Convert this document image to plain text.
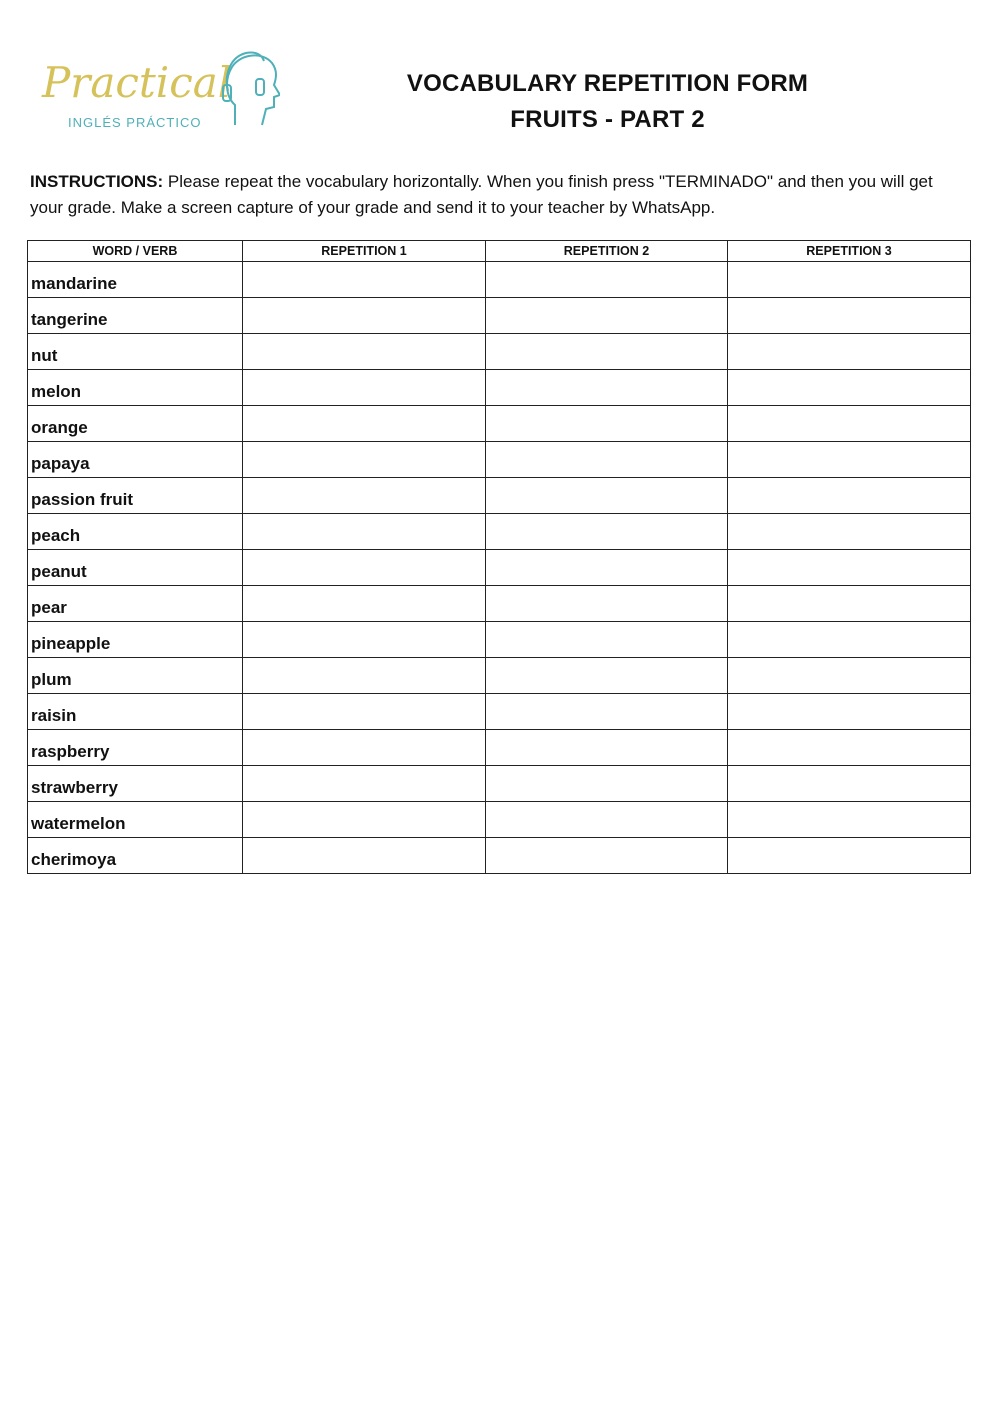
Practical
INGLÉS PRÁCTICO
VOCABULARY REPETITION FORM
FRUITS - PART 2
INSTRUCTIONS: Please repeat the vocabulary horizontally. When you finish press "TERMINADO" and then you will get your grade. Make a screen capture of your grade and send it to your teacher by WhatsApp.
WORD / VERB	REPETITION 1	REPETITION 2	REPETITION 3
mandarine			
tangerine			
nut			
melon			
orange			
papaya			
passion fruit			
peach			
peanut			
pear			
pineapple			
plum			
raisin			
raspberry			
strawberry			
watermelon			
cherimoya			
